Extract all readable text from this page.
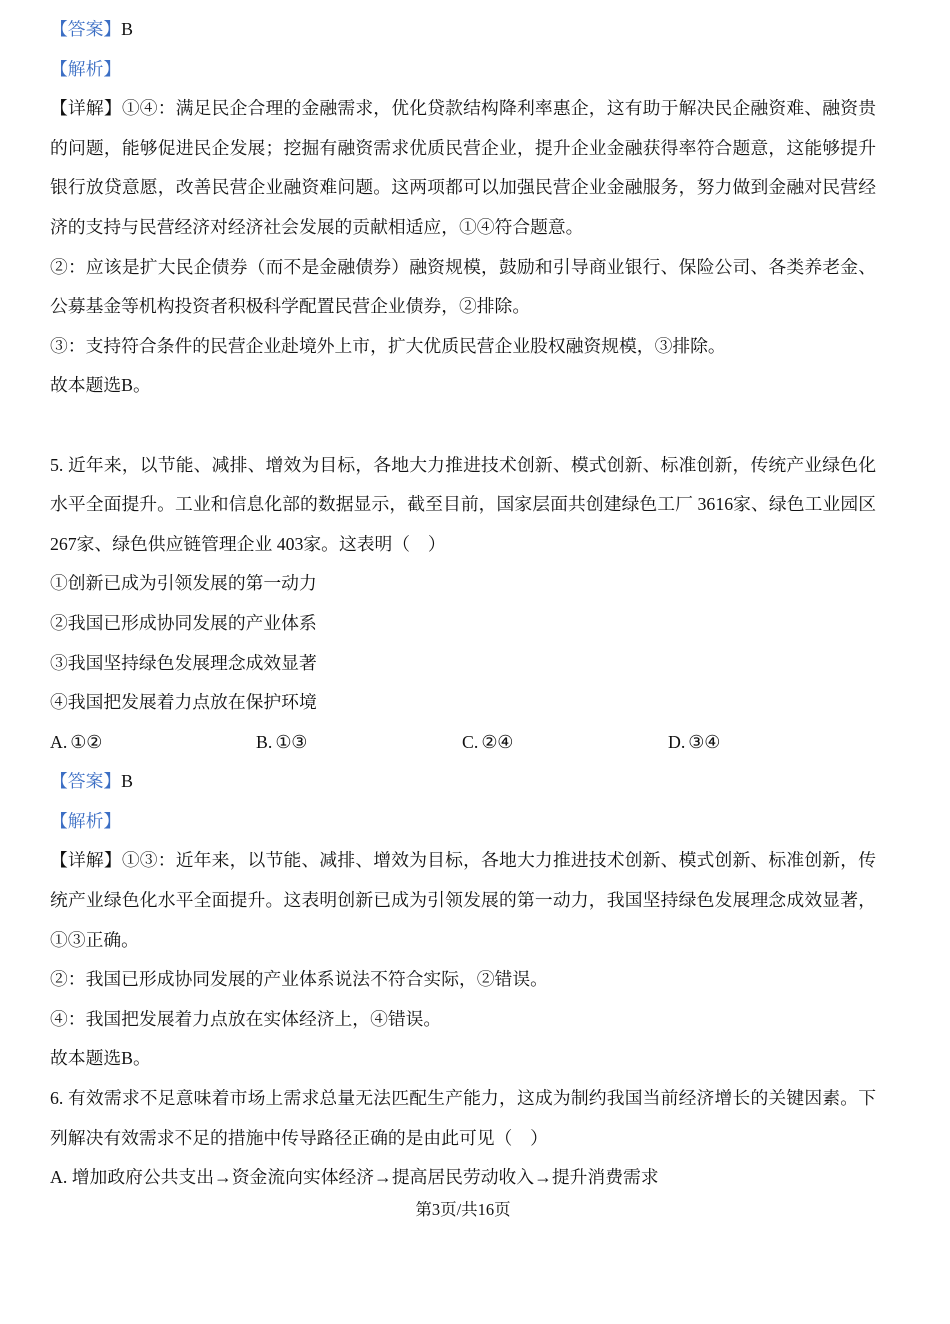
【答案】B
【解析】
【详解】①④：满足民企合理的金融需求，优化贷款结构降利率惠企，这有助于解决民企融资难、融资贵
的问题，能够促进民企发展；挖掘有融资需求优质民营企业，提升企业金融获得率符合题意，这能够提升
银行放贷意愿，改善民营企业融资难问题。这两项都可以加强民营企业金融服务，努力做到金融对民营经
济的支持与民营经济对经济社会发展的贡献相适应，①④符合题意。
②：应该是扩大民企债券（而不是金融债券）融资规模，鼓励和引导商业银行、保险公司、各类养老金、
公募基金等机构投资者积极科学配置民营企业债券，②排除。
③：支持符合条件的民营企业赴境外上市，扩大优质民营企业股权融资规模，③排除。
故本题选B。
5. 近年来，以节能、减排、增效为目标，各地大力推进技术创新、模式创新、标准创新，传统产业绿色化
水平全面提升。工业和信息化部的数据显示，截至目前，国家层面共创建绿色工厂 3616家、绿色工业园区
267家、绿色供应链管理企业 403家。这表明（    ）
①创新已成为引领发展的第一动力
②我国已形成协同发展的产业体系
③我国坚持绿色发展理念成效显著
④我国把发展着力点放在保护环境
A. ①②	B. ①③	C. ②④	D. ③④
【答案】B
【解析】
【详解】①③：近年来，以节能、减排、增效为目标，各地大力推进技术创新、模式创新、标准创新，传
统产业绿色化水平全面提升。这表明创新已成为引领发展的第一动力，我国坚持绿色发展理念成效显著，
①③正确。
②：我国已形成协同发展的产业体系说法不符合实际，②错误。
④：我国把发展着力点放在实体经济上，④错误。
故本题选B。
6. 有效需求不足意味着市场上需求总量无法匹配生产能力，这成为制约我国当前经济增长的关键因素。下
列解决有效需求不足的措施中传导路径正确的是由此可见（    ）
A. 增加政府公共支出→资金流向实体经济→提高居民劳动收入→提升消费需求
第3页/共16页
